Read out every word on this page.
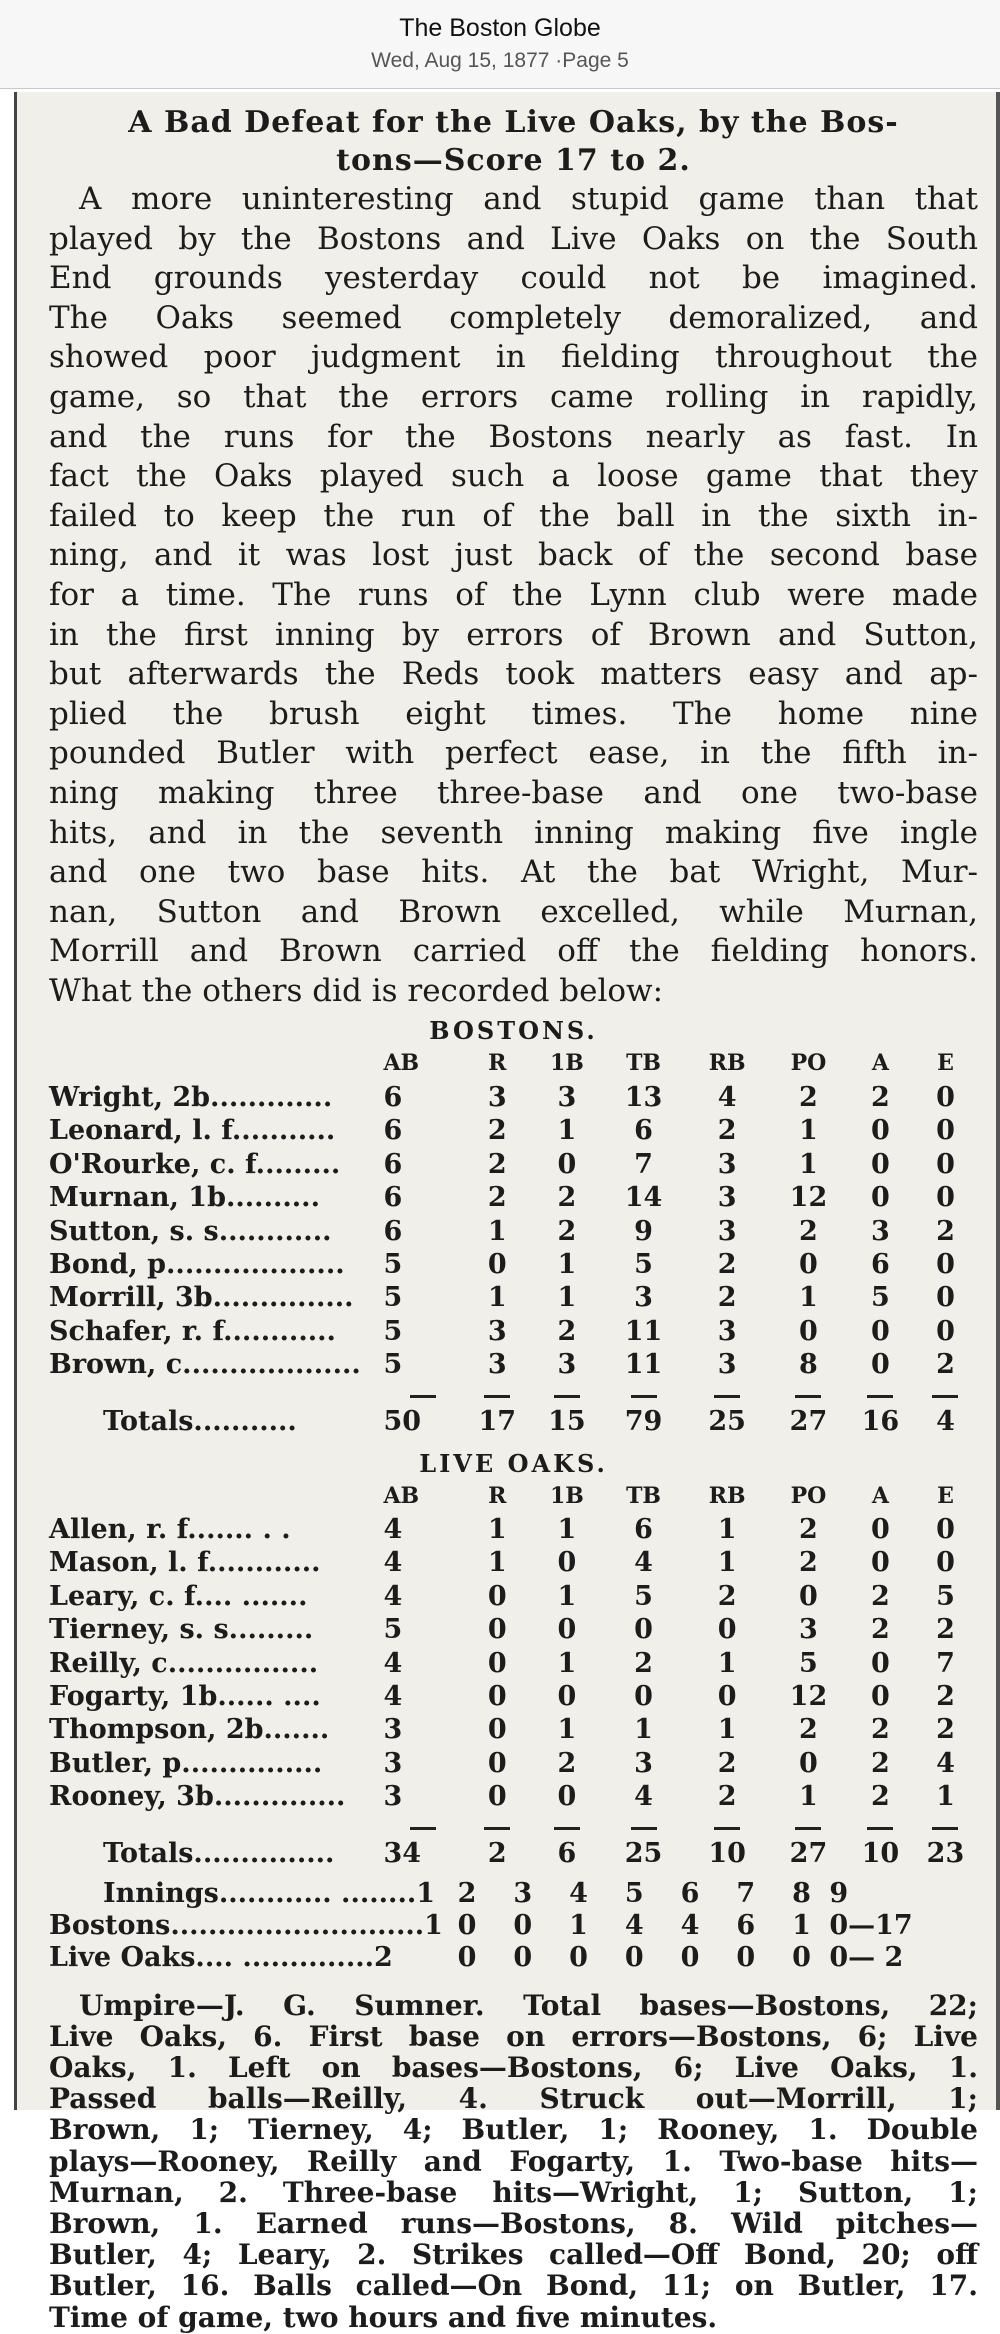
The Boston Globe
Wed, Aug 15, 1877 ·Page 5
A Bad Defeat for the Live Oaks, by the Bos-
tons—Score 17 to 2.
A more uninteresting and stupid game than that
played by the Bostons and Live Oaks on the South
End grounds yesterday could not be imagined.
The Oaks seemed completely demoralized, and
showed poor judgment in fielding throughout the
game, so that the errors came rolling in rapidly,
and the runs for the Bostons nearly as fast. In
fact the Oaks played such a loose game that they
failed to keep the run of the ball in the sixth in-
ning, and it was lost just back of the second base
for a time. The runs of the Lynn club were made
in the first inning by errors of Brown and Sutton,
but afterwards the Reds took matters easy and ap-
plied the brush eight times. The home nine
pounded Butler with perfect ease, in the fifth in-
ning making three three-base and one two-base
hits, and in the seventh inning making five ingle
and one two base hits. At the bat Wright, Mur-
nan, Sutton and Brown excelled, while Murnan,
Morrill and Brown carried off the fielding honors.
What the others did is recorded below:
BOSTONS.
	AB	R	1B	TB	RB	PO	A	E
Wright, 2b.............	6	3	3	13	4	2	2	0
Leonard, l. f...........	6	2	1	6	2	1	0	0
O'Rourke, c. f.........	6	2	0	7	3	1	0	0
Murnan, 1b..........	6	2	2	14	3	12	0	0
Sutton, s. s............	6	1	2	9	3	2	3	2
Bond, p...................	5	0	1	5	2	0	6	0
Morrill, 3b...............	5	1	1	3	2	1	5	0
Schafer, r. f............	5	3	2	11	3	0	0	0
Brown, c...................	5	3	3	11	3	8	0	2

Totals...........	50	17	15	79	25	27	16	4
LIVE OAKS.
	AB	R	1B	TB	RB	PO	A	E
Allen, r. f....... . .	4	1	1	6	1	2	0	0
Mason, l. f............	4	1	0	4	1	2	0	0
Leary, c. f.... .......	4	0	1	5	2	0	2	5
Tierney, s. s.........	5	0	0	0	0	3	2	2
Reilly, c................	4	0	1	2	1	5	0	7
Fogarty, 1b...... ....	4	0	0	0	0	12	0	2
Thompson, 2b.......	3	0	1	1	1	2	2	2
Butler, p...............	3	0	2	3	2	0	2	4
Rooney, 3b..............	3	0	0	4	2	1	2	1

Totals...............	34	2	6	25	10	27	10	23
Innings............ ........1	2	3	4	5	6	7	8	9
Bostons...........................1	0	0	1	4	4	6	1	0—17
Live Oaks.... ..............2	0	0	0	0	0	0	0	0— 2
Umpire—J. G. Sumner. Total bases—Bostons, 22;
Live Oaks, 6. First base on errors—Bostons, 6; Live
Oaks, 1. Left on bases—Bostons, 6; Live Oaks, 1.
Passed balls—Reilly, 4. Struck out—Morrill, 1;
Brown, 1; Tierney, 4; Butler, 1; Rooney, 1. Double
plays—Rooney, Reilly and Fogarty, 1. Two-base hits—
Murnan, 2. Three-base hits—Wright, 1; Sutton, 1;
Brown, 1. Earned runs—Bostons, 8. Wild pitches—
Butler, 4; Leary, 2. Strikes called—Off Bond, 20; off
Butler, 16. Balls called—On Bond, 11; on Butler, 17.
Time of game, two hours and five minutes.
